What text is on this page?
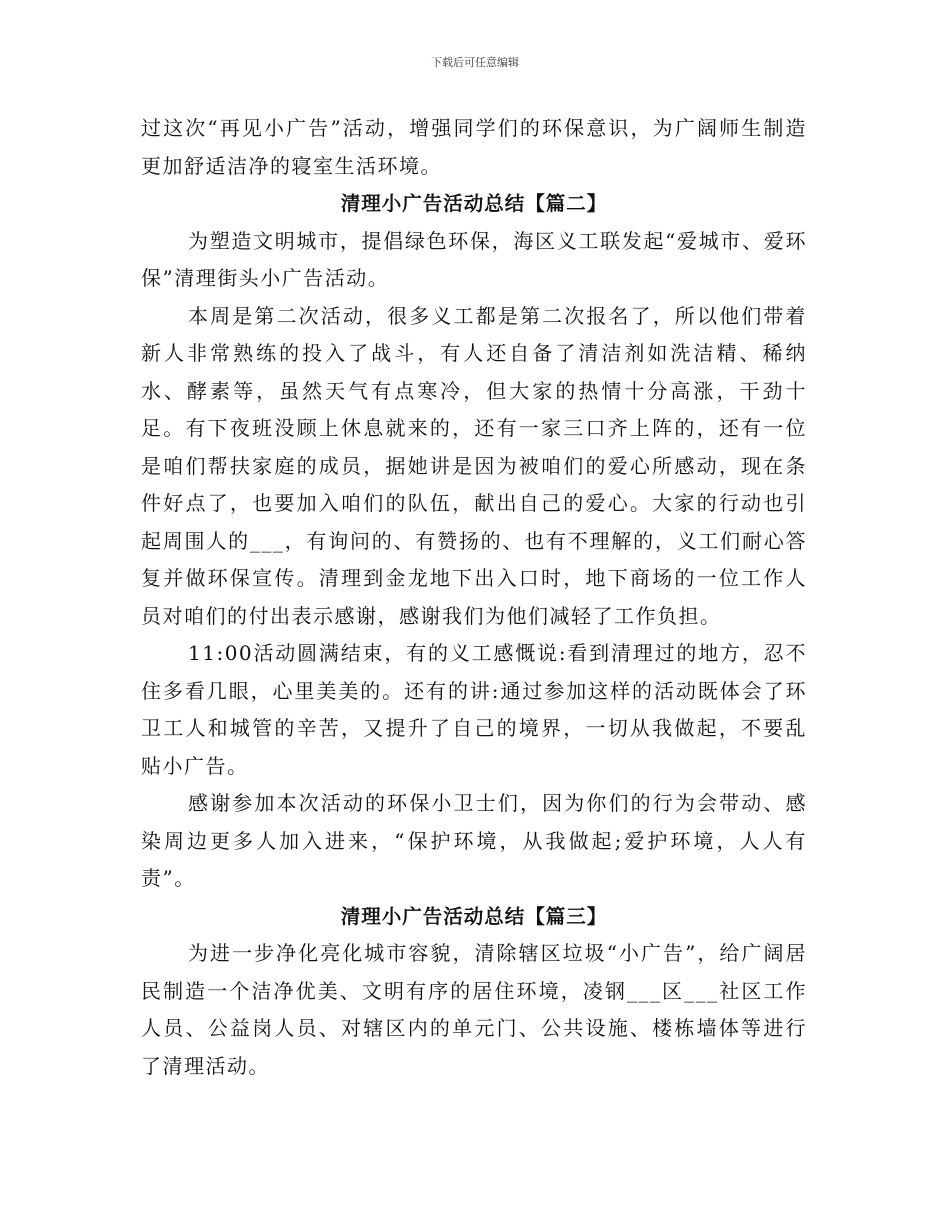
下载后可任意编辑

过这次“再见小广告”活动，增强同学们的环保意识，为广阔师生制造更加舒适洁净的寝室生活环境。

清理小广告活动总结【篇二】

为塑造文明城市，提倡绿色环保，海区义工联发起“爱城市、爱环保”清理街头小广告活动。

本周是第二次活动，很多义工都是第二次报名了，所以他们带着新人非常熟练的投入了战斗，有人还自备了清洁剂如洗洁精、稀纳水、酵素等，虽然天气有点寒冷，但大家的热情十分高涨，干劲十足。有下夜班没顾上休息就来的，还有一家三口齐上阵的，还有一位是咱们帮扶家庭的成员，据她讲是因为被咱们的爱心所感动，现在条件好点了，也要加入咱们的队伍，献出自己的爱心。大家的行动也引起周围人的___，有询问的、有赞扬的、也有不理解的，义工们耐心答复并做环保宣传。清理到金龙地下出入口时，地下商场的一位工作人员对咱们的付出表示感谢，感谢我们为他们减轻了工作负担。

11:00活动圆满结束，有的义工感慨说:看到清理过的地方，忍不住多看几眼，心里美美的。还有的讲:通过参加这样的活动既体会了环卫工人和城管的辛苦，又提升了自己的境界，一切从我做起，不要乱贴小广告。

感谢参加本次活动的环保小卫士们，因为你们的行为会带动、感染周边更多人加入进来，“保护环境，从我做起;爱护环境，人人有责”。

清理小广告活动总结【篇三】

为进一步净化亮化城市容貌，清除辖区垃圾“小广告”，给广阔居民制造一个洁净优美、文明有序的居住环境，凌钢___区___社区工作人员、公益岗人员、对辖区内的单元门、公共设施、楼栋墙体等进行了清理活动。
